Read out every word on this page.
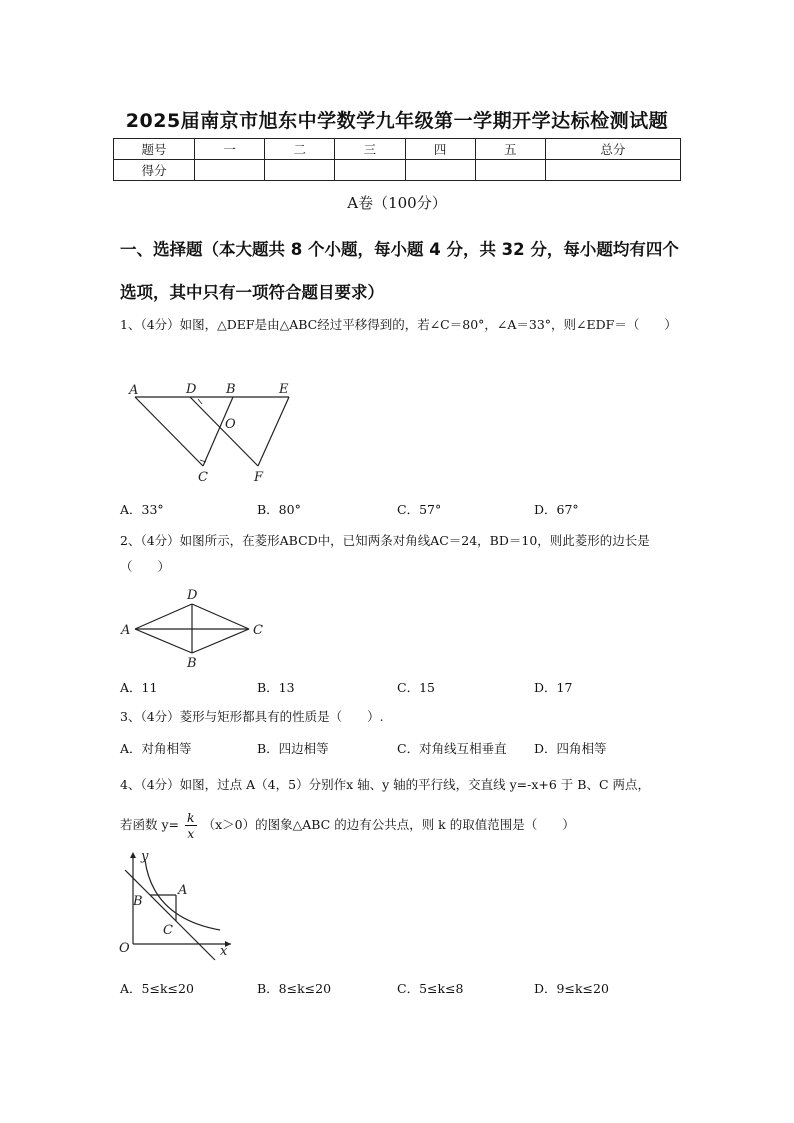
2025届南京市旭东中学数学九年级第一学期开学达标检测试题
题号	一	二	三	四	五	总分
得分						
A卷（100分）
一、选择题（本大题共 8 个小题，每小题 4 分，共 32 分，每小题均有四个选项，其中只有一项符合题目要求）
1、（4分）如图，△DEF是由△ABC经过平移得到的，若∠C＝80°，∠A＝33°，则∠EDF＝（　　）
A	D B	E
O
C	F
A．33°	B．80°	C．57°	D．67°
2、（4分）如图所示，在菱形ABCD中，已知两条对角线AC＝24，BD＝10，则此菱形的边长是（　　）
D
A	C
B
A．11	B．13	C．15	D．17
3、（4分）菱形与矩形都具有的性质是（　　）.
A．对角相等	B．四边相等	C．对角线互相垂直 D．四角相等
4、（4分）如图，过点 A（4，5）分别作x 轴、y 轴的平行线，交直线 y=-x+6 于 B、C 两点，
若函数 $y= \frac{k}{x} (x>0)$的图象△ABC 的边有公共点，则 k 的取值范围是（　　）
y
A
B
C
O	x
A．5≤k≤20	B．8≤k≤20	C．5≤k≤8	D．9≤k≤20
